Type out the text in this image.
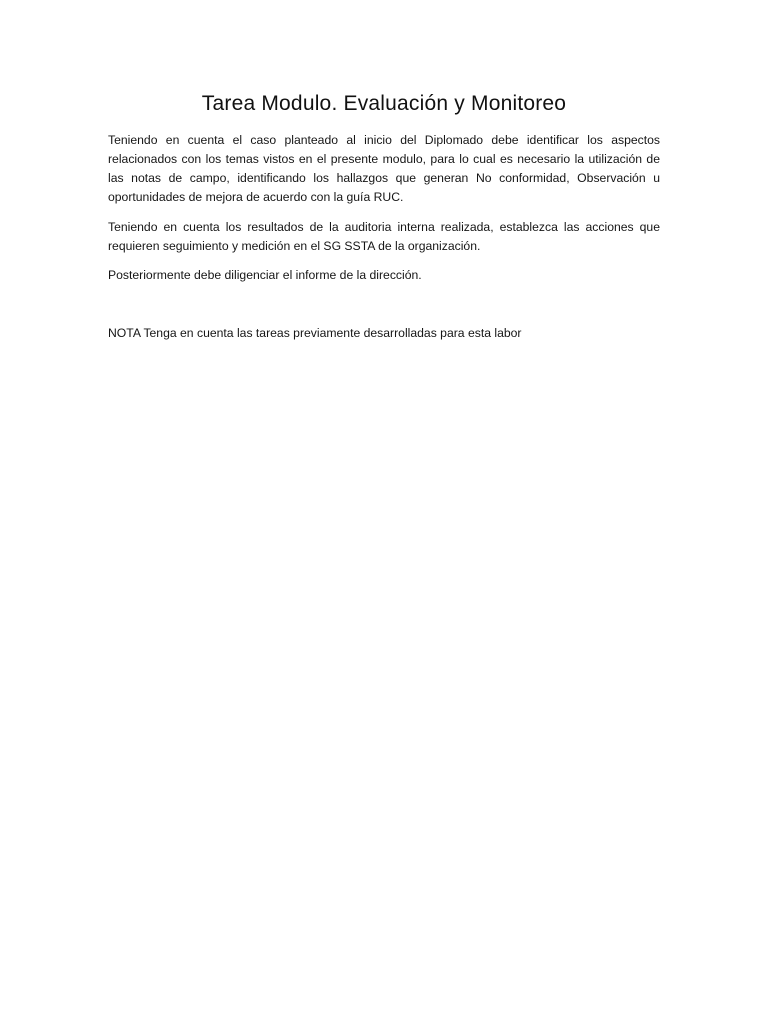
Tarea Modulo. Evaluación y Monitoreo

Teniendo en cuenta el caso planteado al inicio del Diplomado debe identificar los aspectos relacionados con los temas vistos en el presente modulo, para lo cual es necesario la utilización de las notas de campo, identificando los hallazgos que generan No conformidad, Observación u oportunidades de mejora de acuerdo con la guía RUC.

Teniendo en cuenta los resultados de la auditoria interna realizada, establezca las acciones que requieren seguimiento y medición en el SG SSTA de la organización.

Posteriormente debe diligenciar el informe de la dirección.

NOTA Tenga en cuenta las tareas previamente desarrolladas para esta labor
